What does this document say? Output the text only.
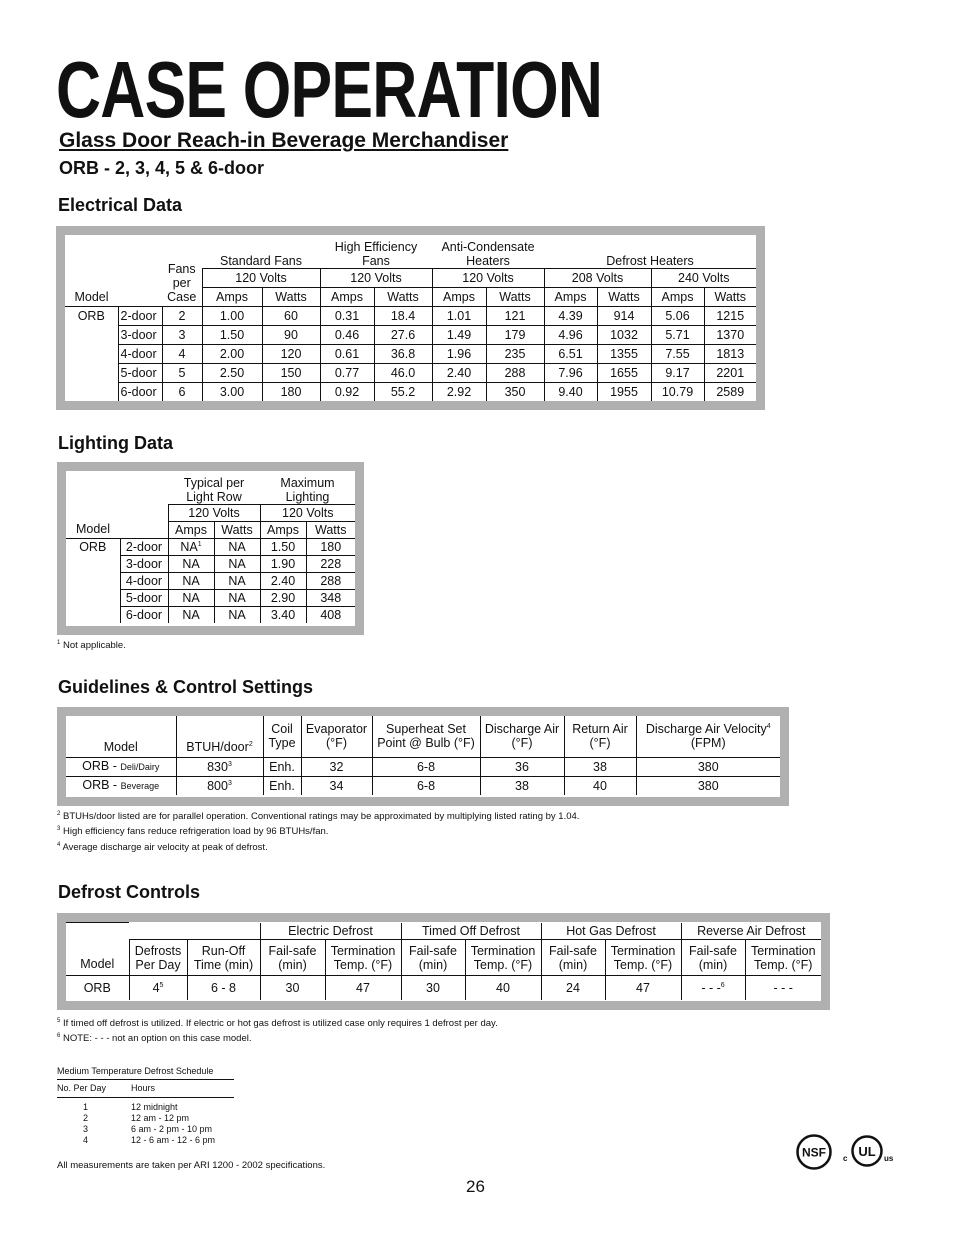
CASE OPERATION
Glass Door Reach-in Beverage Merchandiser
ORB - 2, 3, 4, 5 & 6-door
Electrical Data
Model		Fans per Case	Standard Fans		High Efficiency Fans		Anti-Condensate Heaters		Defrost Heaters			
			120 Volts		120 Volts		120 Volts		208 Volts		240 Volts	
			Amps	Watts	Amps	Watts	Amps	Watts	Amps	Watts	Amps	Watts
ORB	2-door	2	1.00	60	0.31	18.4	1.01	121	4.39	914	5.06	1215
	3-door	3	1.50	90	0.46	27.6	1.49	179	4.96	1032	5.71	1370
	4-door	4	2.00	120	0.61	36.8	1.96	235	6.51	1355	7.55	1813
	5-door	5	2.50	150	0.77	46.0	2.40	288	7.96	1655	9.17	2201
	6-door	6	3.00	180	0.92	55.2	2.92	350	9.40	1955	10.79	2589
Lighting Data
Model		Typical per Light Row		Maximum Lighting	
		120 Volts		120 Volts	
		Amps	Watts	Amps	Watts
ORB	2-door	$NA^1$	NA	1.50	180
	3-door	NA	NA	1.90	228
	4-door	NA	NA	2.40	288
	5-door	NA	NA	2.90	348
	6-door	NA	NA	3.40	408
$^1$ Not applicable.
Guidelines & Control Settings
Model	BTUH/door$^2$	Coil Type	Evaporator (°F)	Superheat Set Point @ Bulb (°F)	Discharge Air (°F)	Return Air (°F)	Discharge Air Velocity$^4$
(FPM)
ORB - Deli/Dairy	$830^3$	Enh.	32	6-8	36	38	380
ORB - Beverage	$800^3$	Enh.	34	6-8	38	40	380
$^2$ BTUHs/door listed are for parallel operation. Conventional ratings may be approximated by multiplying listed rating by 1.04.
$^3$ High efficiency fans reduce refrigeration load by 96 BTUHs/fan.
$^4$ Average discharge air velocity at peak of defrost.
Defrost Controls
Model			Electric Defrost		Timed Off Defrost		Hot Gas Defrost		Reverse Air Defrost	
	Defrosts Per Day	Run-Off Time (min)	Fail-safe (min)	Termination Temp. (°F)	Fail-safe (min)	Termination Temp. (°F)	Fail-safe (min)	Termination Temp. (°F)	Fail-safe (min)	Termination Temp. (°F)
ORB	$4^5$	6 - 8	30	47	30	40	24	47	- - -$^6$	- - -
$^5$ If timed off defrost is utilized. If electric or hot gas defrost is utilized case only requires 1 defrost per day.
$^6$ NOTE: - - - not an option on this case model.
Medium Temperature Defrost Schedule
No. Per Day	Hours
1	12 midnight
2	12 am - 12 pm
3	6 am - 2 pm - 10 pm
4	12 - 6 am - 12 - 6 pm
All measurements are taken per ARI 1200 - 2002 specifications.
NSF c UL us
26
